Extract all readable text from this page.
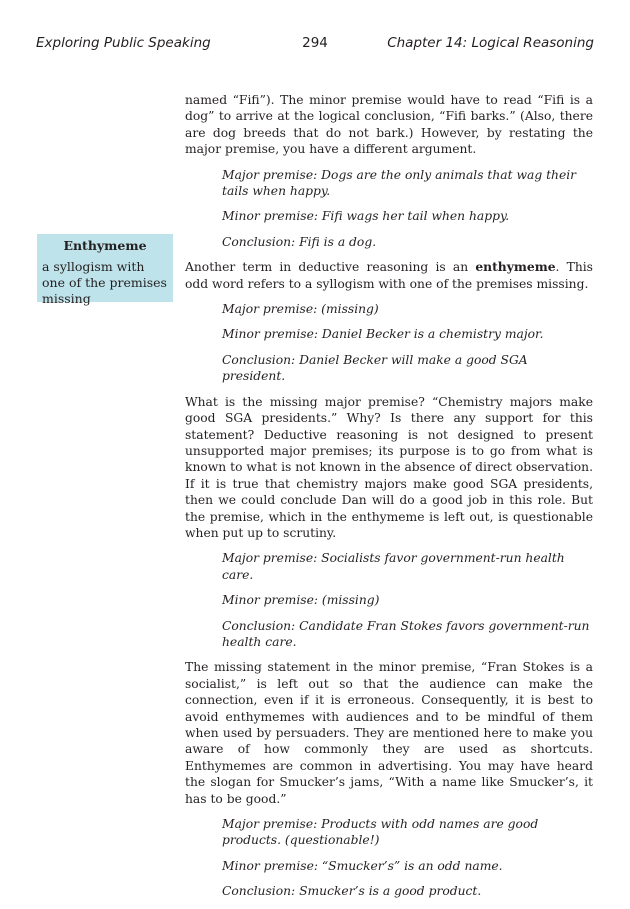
Exploring Public Speaking	294	Chapter 14: Logical Reasoning
Enthymeme
a syllogism with one of the premises missing

named “Fifi”). The minor premise would have to read “Fifi is a dog” to arrive at the logical conclusion, “Fifi barks.” (Also, there are dog breeds that do not bark.) However, by restating the major premise, you have a different argument.

Major premise: Dogs are the only animals that wag their tails when happy.

Minor premise: Fifi wags her tail when happy.

Conclusion: Fifi is a dog.

Another term in deductive reasoning is an enthymeme. This odd word refers to a syllogism with one of the premises missing.

Major premise: (missing)

Minor premise: Daniel Becker is a chemistry major.

Conclusion: Daniel Becker will make a good SGA president.

What is the missing major premise? “Chemistry majors make good SGA presidents.” Why? Is there any support for this statement? Deductive reasoning is not designed to present unsupported major premises; its purpose is to go from what is known to what is not known in the absence of direct observation. If it is true that chemistry majors make good SGA presidents, then we could conclude Dan will do a good job in this role. But the premise, which in the enthymeme is left out, is questionable when put up to scrutiny.

Major premise: Socialists favor government-run health care.

Minor premise: (missing)

Conclusion: Candidate Fran Stokes favors government-run health care.

The missing statement in the minor premise, “Fran Stokes is a socialist,” is left out so that the audience can make the connection, even if it is erroneous. Consequently, it is best to avoid enthymemes with audiences and to be mindful of them when used by persuaders. They are mentioned here to make you aware of how commonly they are used as shortcuts. Enthymemes are common in advertising. You may have heard the slogan for Smucker’s jams, “With a name like Smucker’s, it has to be good.”

Major premise: Products with odd names are good products. (questionable!)

Minor premise: “Smucker’s” is an odd name.

Conclusion: Smucker’s is a good product.
